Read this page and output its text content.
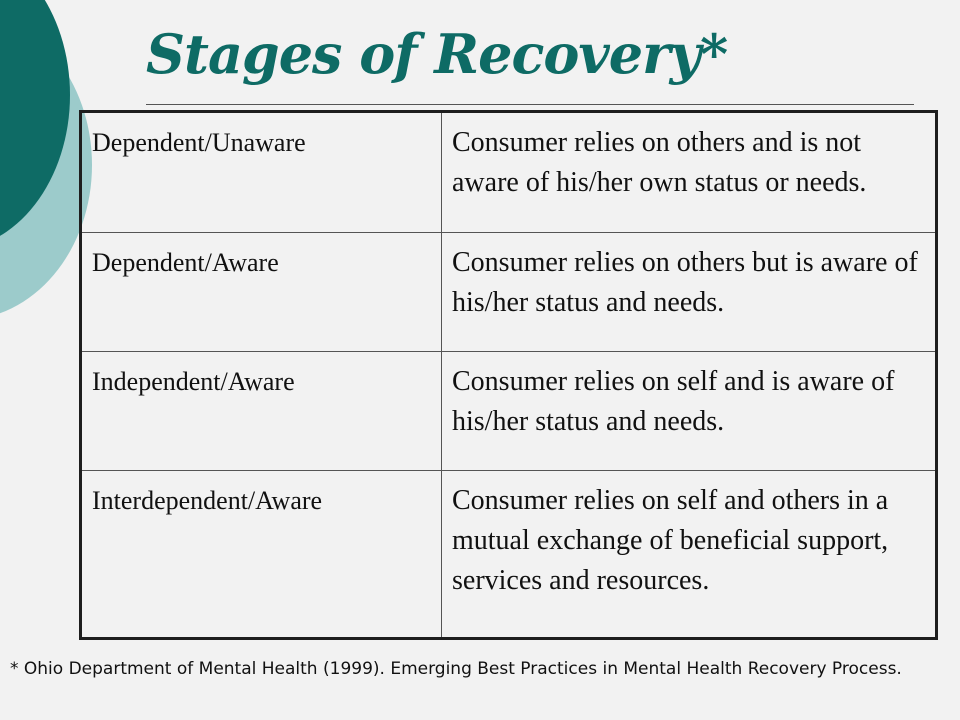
Stages of Recovery*
Dependent/Unaware	Consumer relies on others and is not aware of his/her own status or needs.
Dependent/Aware	Consumer relies on others but is aware of his/her status and needs.
Independent/Aware	Consumer relies on self and is aware of his/her status and needs.
Interdependent/Aware	Consumer relies on self and others in a mutual exchange of beneficial support, services and resources.

* Ohio Department of Mental Health (1999). Emerging Best Practices in Mental Health Recovery Process.
